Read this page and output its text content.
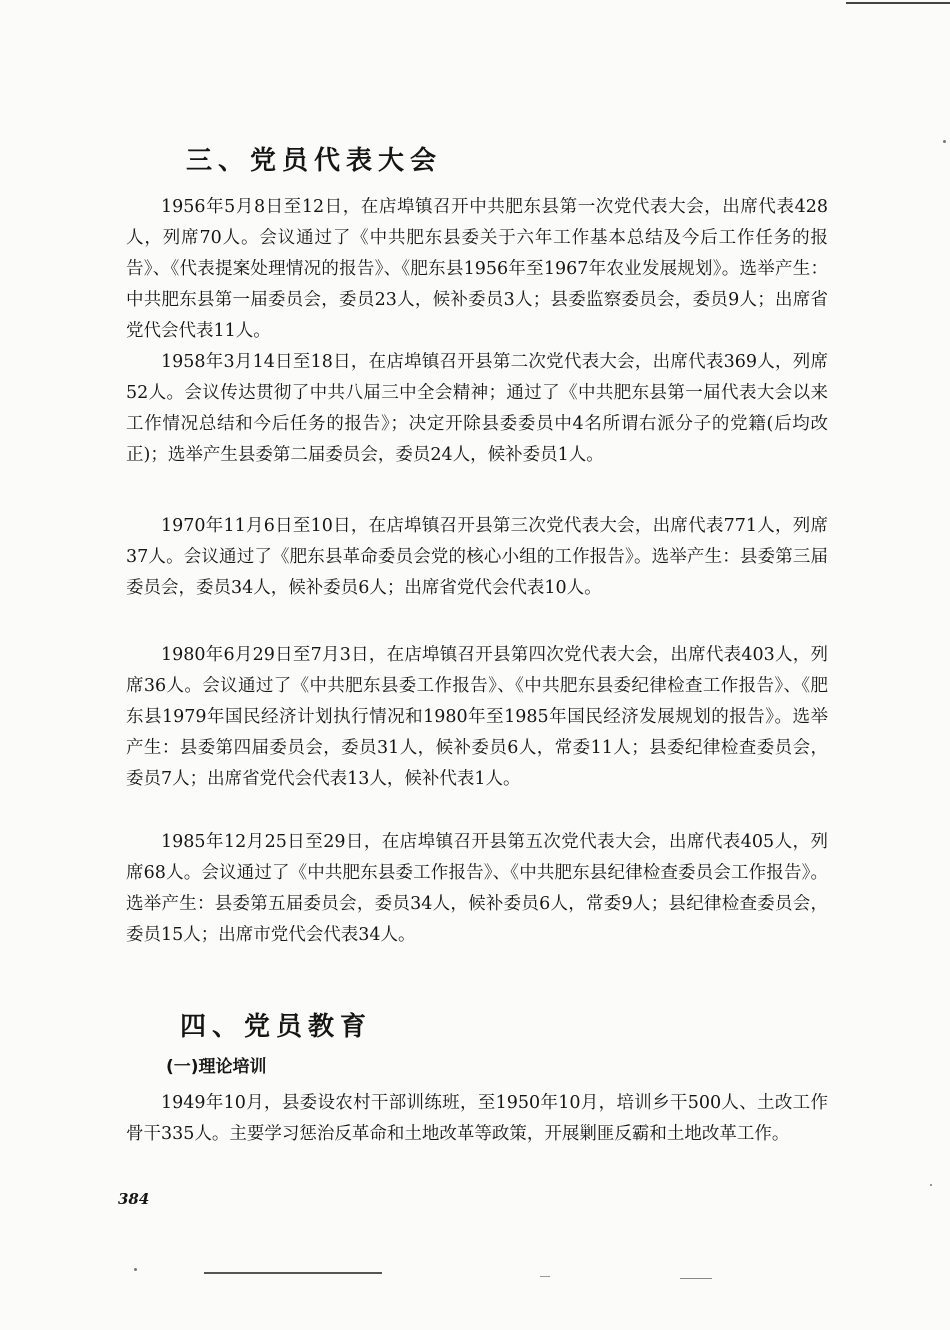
三、党员代表大会

1956年5月8日至12日，在店埠镇召开中共肥东县第一次党代表大会，出席代表428人，列席70人。会议通过了《中共肥东县委关于六年工作基本总结及今后工作任务的报告》、《代表提案处理情况的报告》、《肥东县1956年至1967年农业发展规划》。选举产生：中共肥东县第一届委员会，委员23人，候补委员3人；县委监察委员会，委员9人；出席省党代会代表11人。

1958年3月14日至18日，在店埠镇召开县第二次党代表大会，出席代表369人，列席52人。会议传达贯彻了中共八届三中全会精神；通过了《中共肥东县第一届代表大会以来工作情况总结和今后任务的报告》；决定开除县委委员中4名所谓右派分子的党籍(后均改正)；选举产生县委第二届委员会，委员24人，候补委员1人。

1970年11月6日至10日，在店埠镇召开县第三次党代表大会，出席代表771人，列席37人。会议通过了《肥东县革命委员会党的核心小组的工作报告》。选举产生：县委第三届委员会，委员34人，候补委员6人；出席省党代会代表10人。

1980年6月29日至7月3日，在店埠镇召开县第四次党代表大会，出席代表403人，列席36人。会议通过了《中共肥东县委工作报告》、《中共肥东县委纪律检查工作报告》、《肥东县1979年国民经济计划执行情况和1980年至1985年国民经济发展规划的报告》。选举产生：县委第四届委员会，委员31人，候补委员6人，常委11人；县委纪律检查委员会，委员7人；出席省党代会代表13人，候补代表1人。

1985年12月25日至29日，在店埠镇召开县第五次党代表大会，出席代表405人，列席68人。会议通过了《中共肥东县委工作报告》、《中共肥东县纪律检查委员会工作报告》。选举产生：县委第五届委员会，委员34人，候补委员6人，常委9人；县纪律检查委员会，委员15人；出席市党代会代表34人。

四、党员教育
(一)理论培训

1949年10月，县委设农村干部训练班，至1950年10月，培训乡干500人、土改工作骨干335人。主要学习惩治反革命和土地改革等政策，开展剿匪反霸和土地改革工作。

384
